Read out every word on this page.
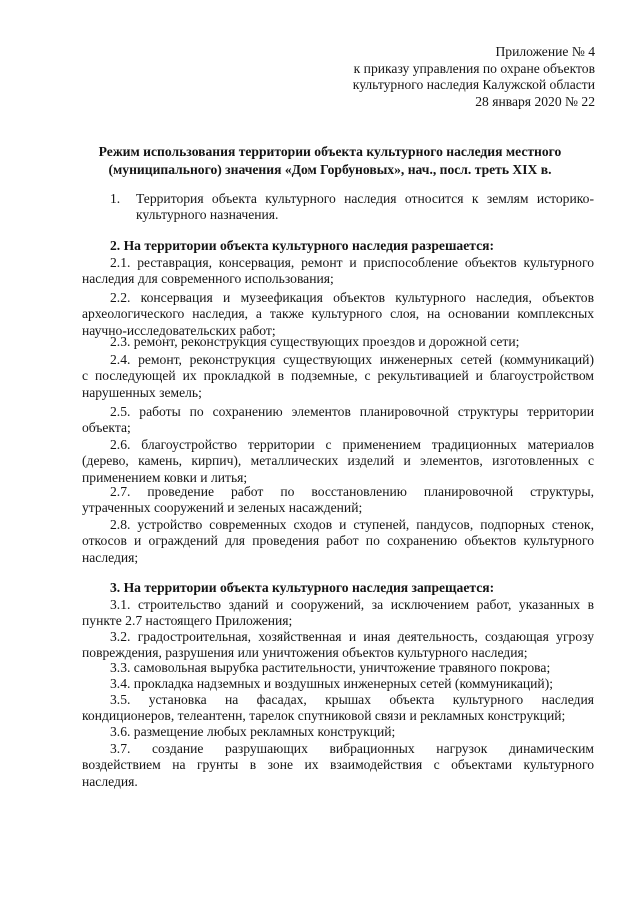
Приложение № 4
к приказу управления по охране объектов
культурного наследия Калужской области
28 января 2020 № 22
Режим использования территории объекта культурного наследия местного
(муниципального) значения «Дом Горбуновых», нач., посл. треть XIX в.
1. Территория объекта культурного наследия относится к землям историко-
культурного назначения.
2. На территории объекта культурного наследия разрешается:
2.1. реставрация, консервация, ремонт и приспособление объектов культурного
наследия для современного использования;
2.2. консервация и музеефикация объектов культурного наследия, объектов
археологического наследия, а также культурного слоя, на основании комплексных
научно-исследовательских работ;
2.3. ремонт, реконструкция существующих проездов и дорожной сети;
2.4. ремонт, реконструкция существующих инженерных сетей (коммуникаций)
с последующей их прокладкой в подземные, с рекультивацией и благоустройством
нарушенных земель;
2.5. работы по сохранению элементов планировочной структуры территории
объекта;
2.6. благоустройство территории с применением традиционных материалов
(дерево, камень, кирпич), металлических изделий и элементов, изготовленных с
применением ковки и литья;
2.7. проведение работ по восстановлению планировочной структуры,
утраченных сооружений и зеленых насаждений;
2.8. устройство современных сходов и ступеней, пандусов, подпорных стенок,
откосов и ограждений для проведения работ по сохранению объектов культурного
наследия;
3. На территории объекта культурного наследия запрещается:
3.1. строительство зданий и сооружений, за исключением работ, указанных в
пункте 2.7 настоящего Приложения;
3.2. градостроительная, хозяйственная и иная деятельность, создающая угрозу
повреждения, разрушения или уничтожения объектов культурного наследия;
3.3. самовольная вырубка растительности, уничтожение травяного покрова;
3.4. прокладка надземных и воздушных инженерных сетей (коммуникаций);
3.5. установка на фасадах, крышах объекта культурного наследия
кондиционеров, телеантенн, тарелок спутниковой связи и рекламных конструкций;
3.6. размещение любых рекламных конструкций;
3.7. создание разрушающих вибрационных нагрузок динамическим
воздействием на грунты в зоне их взаимодействия с объектами культурного
наследия.
